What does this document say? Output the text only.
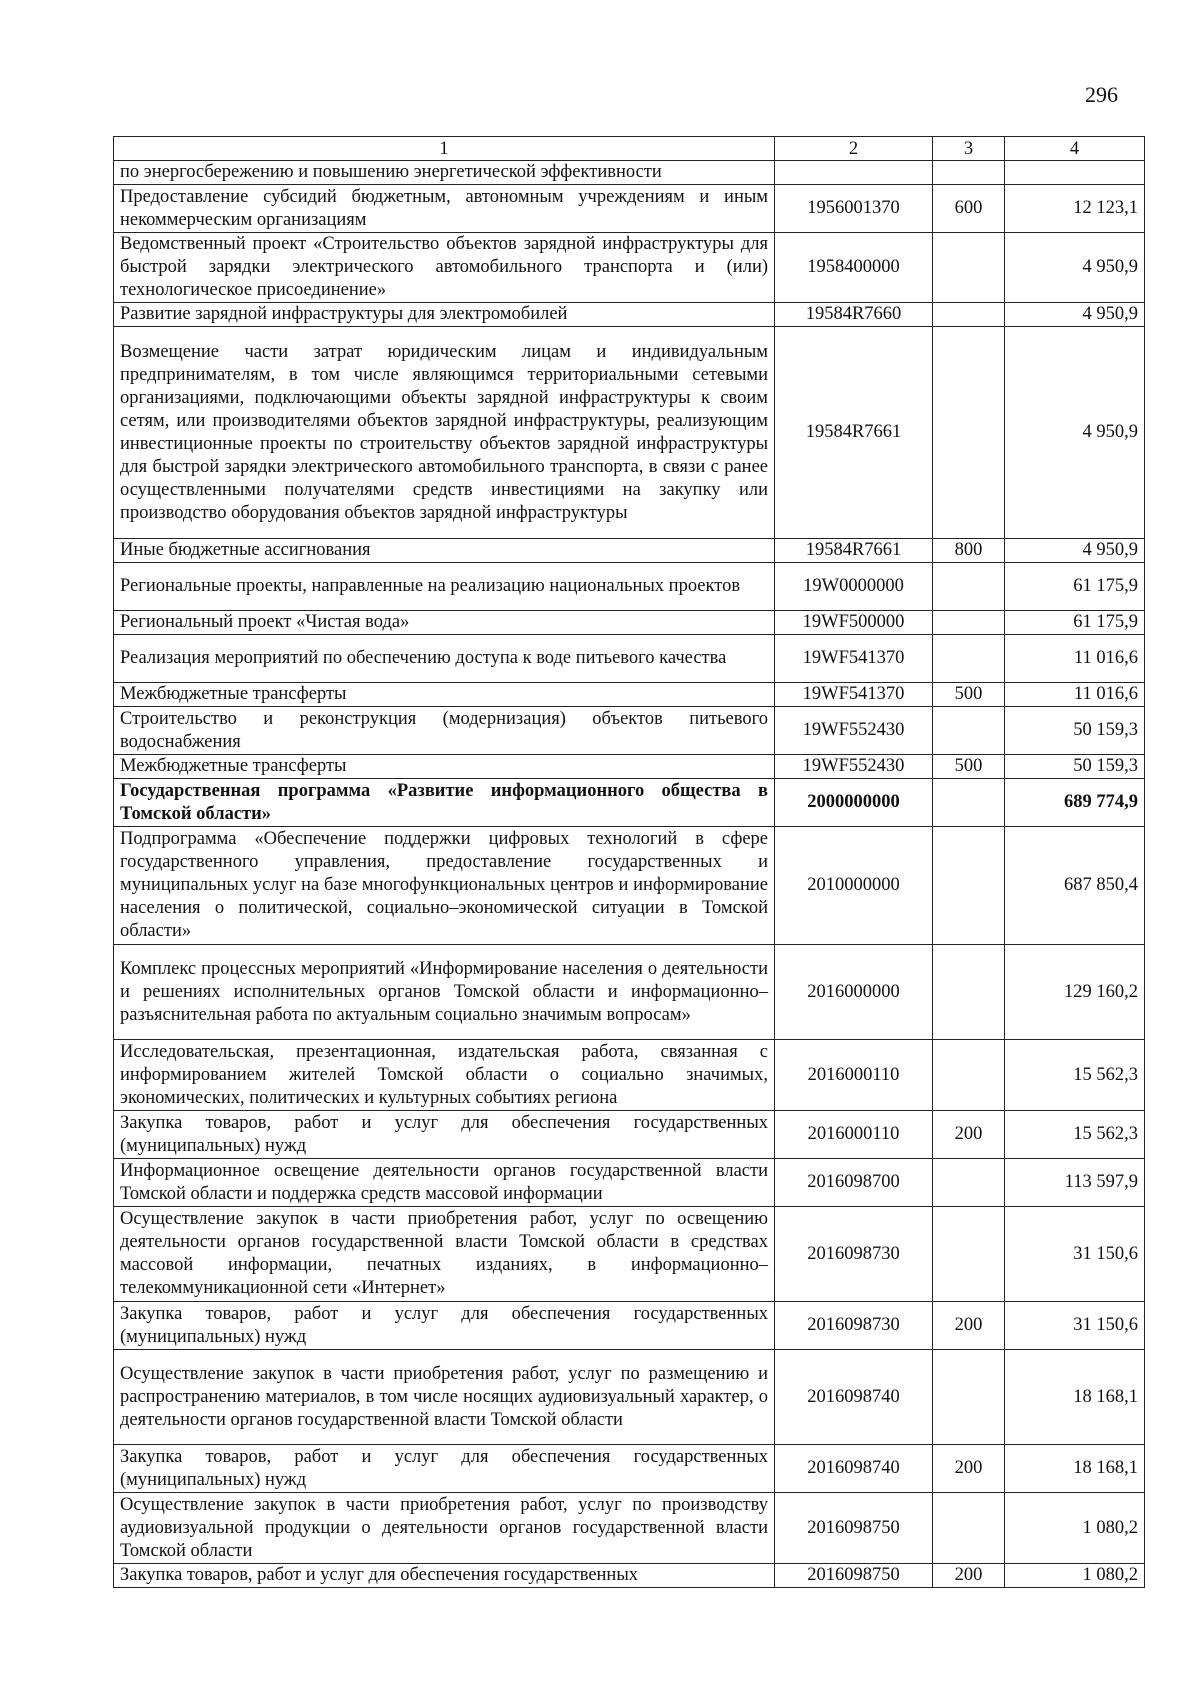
296
1	2	3	4
по энергосбережению и повышению энергетической эффективности			
Предоставление субсидий бюджетным, автономным учреждениям и иным некоммерческим организациям	1956001370	600	12 123,1
Ведомственный проект «Строительство объектов зарядной инфраструктуры для быстрой зарядки электрического автомобильного транспорта и (или) технологическое присоединение»	1958400000		4 950,9
Развитие зарядной инфраструктуры для электромобилей	19584R7660		4 950,9
Возмещение части затрат юридическим лицам и индивидуальным предпринимателям, в том числе являющимся территориальными сетевыми организациями, подключающими объекты зарядной инфраструктуры к своим сетям, или производителями объектов зарядной инфраструктуры, реализующим инвестиционные проекты по строительству объектов зарядной инфраструктуры для быстрой зарядки электрического автомобильного транспорта, в связи с ранее осуществленными получателями средств инвестициями на закупку или производство оборудования объектов зарядной инфраструктуры	19584R7661		4 950,9
Иные бюджетные ассигнования	19584R7661	800	4 950,9
Региональные проекты, направленные на реализацию национальных проектов	19W0000000		61 175,9
Региональный проект «Чистая вода»	19WF500000		61 175,9
Реализация мероприятий по обеспечению доступа к воде питьевого качества	19WF541370		11 016,6
Межбюджетные трансферты	19WF541370	500	11 016,6
Строительство и реконструкция (модернизация) объектов питьевого водоснабжения	19WF552430		50 159,3
Межбюджетные трансферты	19WF552430	500	50 159,3
Государственная программа «Развитие информационного общества в Томской области»	2000000000		689 774,9
Подпрограмма «Обеспечение поддержки цифровых технологий в сфере государственного управления, предоставление государственных и муниципальных услуг на базе многофункциональных центров и информирование населения о политической, социально–экономической ситуации в Томской области»	2010000000		687 850,4
Комплекс процессных мероприятий «Информирование населения о деятельности и решениях исполнительных органов Томской области и информационно–разъяснительная работа по актуальным социально значимым вопросам»	2016000000		129 160,2
Исследовательская, презентационная, издательская работа, связанная с информированием жителей Томской области о социально значимых, экономических, политических и культурных событиях региона	2016000110		15 562,3
Закупка товаров, работ и услуг для обеспечения государственных (муниципальных) нужд	2016000110	200	15 562,3
Информационное освещение деятельности органов государственной власти Томской области и поддержка средств массовой информации	2016098700		113 597,9
Осуществление закупок в части приобретения работ, услуг по освещению деятельности органов государственной власти Томской области в средствах массовой информации, печатных изданиях, в информационно–телекоммуникационной сети «Интернет»	2016098730		31 150,6
Закупка товаров, работ и услуг для обеспечения государственных (муниципальных) нужд	2016098730	200	31 150,6
Осуществление закупок в части приобретения работ, услуг по размещению и распространению материалов, в том числе носящих аудиовизуальный характер, о деятельности органов государственной власти Томской области	2016098740		18 168,1
Закупка товаров, работ и услуг для обеспечения государственных (муниципальных) нужд	2016098740	200	18 168,1
Осуществление закупок в части приобретения работ, услуг по производству аудиовизуальной продукции о деятельности органов государственной власти Томской области	2016098750		1 080,2
Закупка товаров, работ и услуг для обеспечения государственных	2016098750	200	1 080,2
